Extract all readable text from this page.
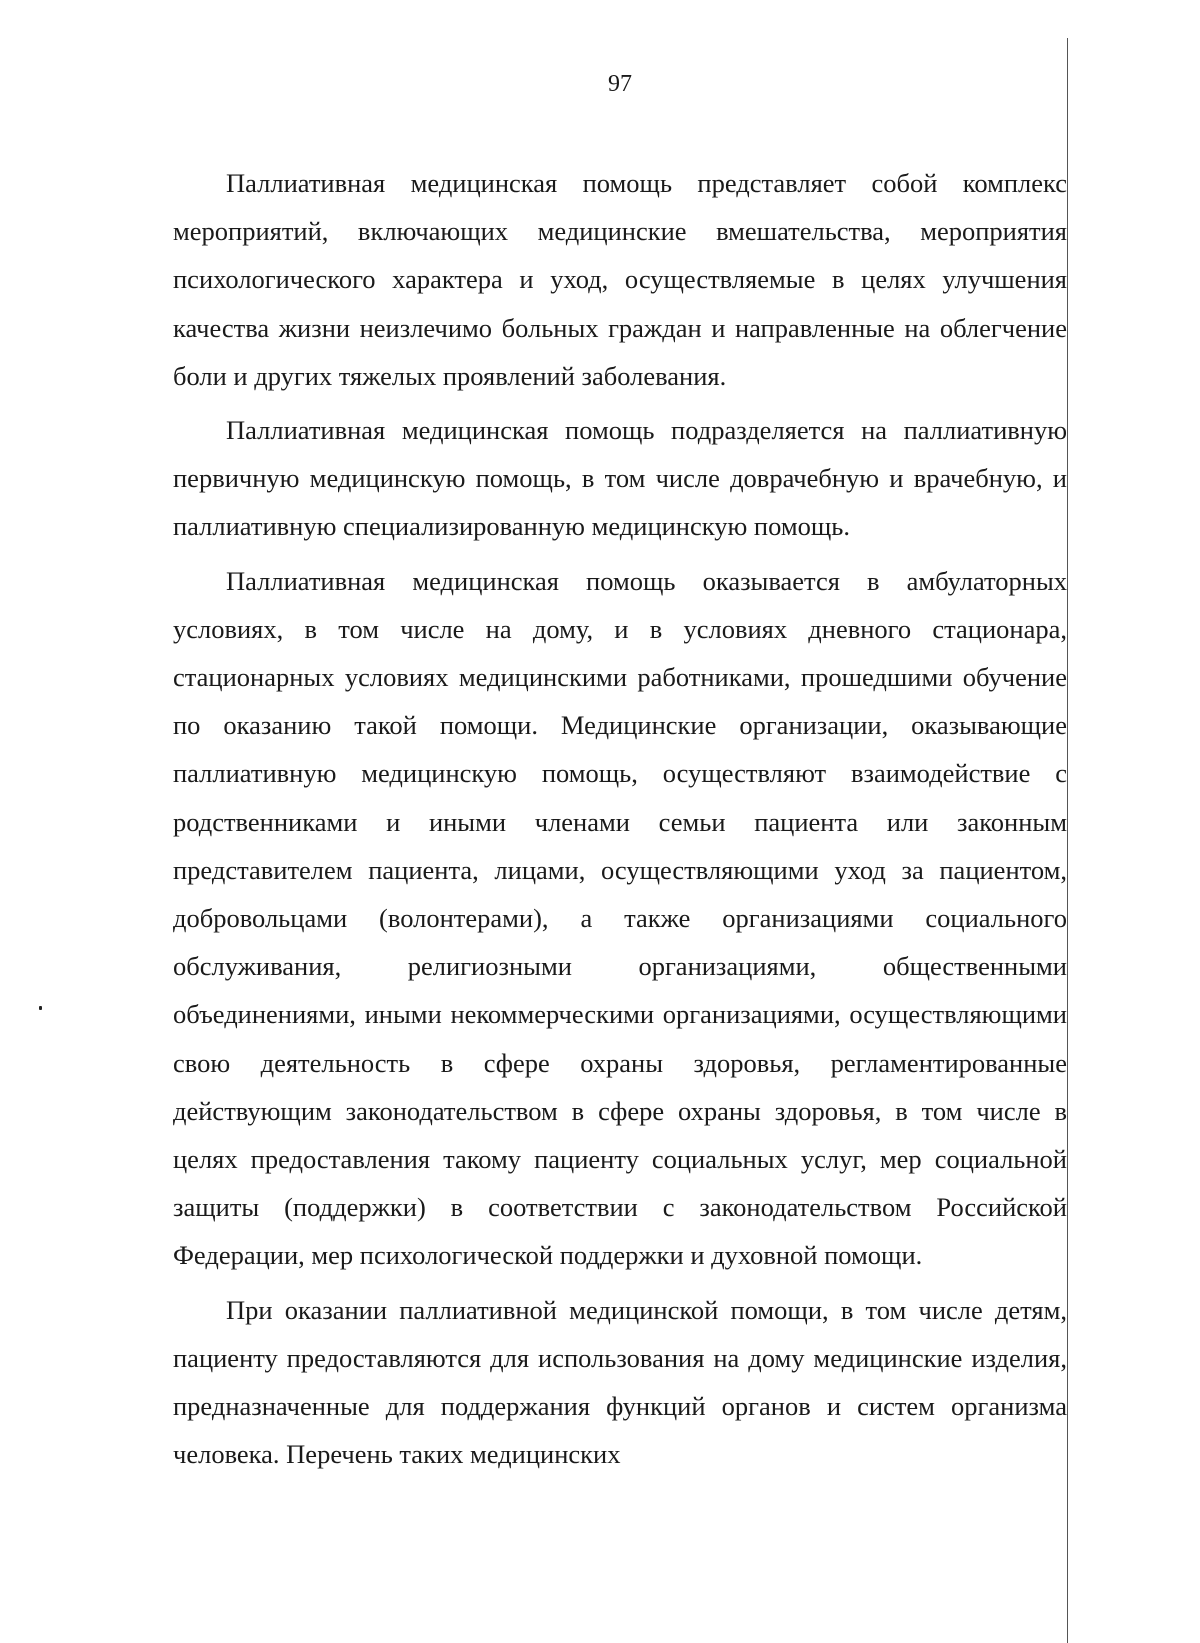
97

Паллиативная медицинская помощь представляет собой комплекс мероприятий, включающих медицинские вмешательства, мероприятия психологического характера и уход, осуществляемые в целях улучшения качества жизни неизлечимо больных граждан и направленные на облегчение боли и других тяжелых проявлений заболевания.

Паллиативная медицинская помощь подразделяется на паллиативную первичную медицинскую помощь, в том числе доврачебную и врачебную, и паллиативную специализированную медицинскую помощь.

Паллиативная медицинская помощь оказывается в амбулаторных условиях, в том числе на дому, и в условиях дневного стационара, стационарных условиях медицинскими работниками, прошедшими обучение по оказанию такой помощи. Медицинские организации, оказывающие паллиативную медицинскую помощь, осуществляют взаимодействие с родственниками и иными членами семьи пациента или законным представителем пациента, лицами, осуществляющими уход за пациентом, добровольцами (волонтерами), а также организациями социального обслуживания, религиозными организациями, общественными объединениями, иными некоммерческими организациями, осуществляющими свою деятельность в сфере охраны здоровья, регламентированные действующим законодательством в сфере охраны здоровья, в том числе в целях предоставления такому пациенту социальных услуг, мер социальной защиты (поддержки) в соответствии с законодательством Российской Федерации, мер психологической поддержки и духовной помощи.

При оказании паллиативной медицинской помощи, в том числе детям, пациенту предоставляются для использования на дому медицинские изделия, предназначенные для поддержания функций органов и систем организма человека. Перечень таких медицинских
